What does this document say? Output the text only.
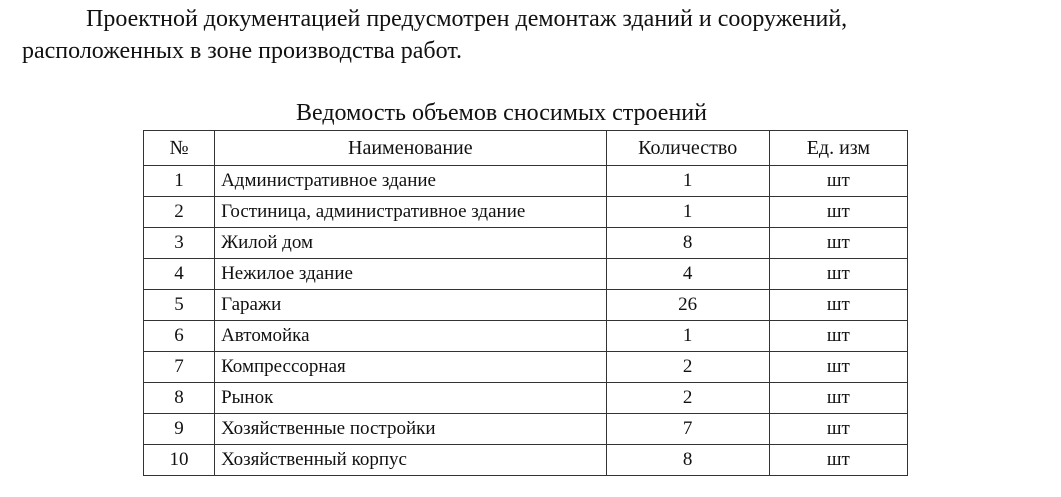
Проектной документацией предусмотрен демонтаж зданий и сооружений,
расположенных в зоне производства работ.
Ведомость объемов сносимых строений
№	Наименование	Количество	Ед. изм
1	Административное здание	1	шт
2	Гостиница, административное здание	1	шт
3	Жилой дом	8	шт
4	Нежилое здание	4	шт
5	Гаражи	26	шт
6	Автомойка	1	шт
7	Компрессорная	2	шт
8	Рынок	2	шт
9	Хозяйственные постройки	7	шт
10	Хозяйственный корпус	8	шт
